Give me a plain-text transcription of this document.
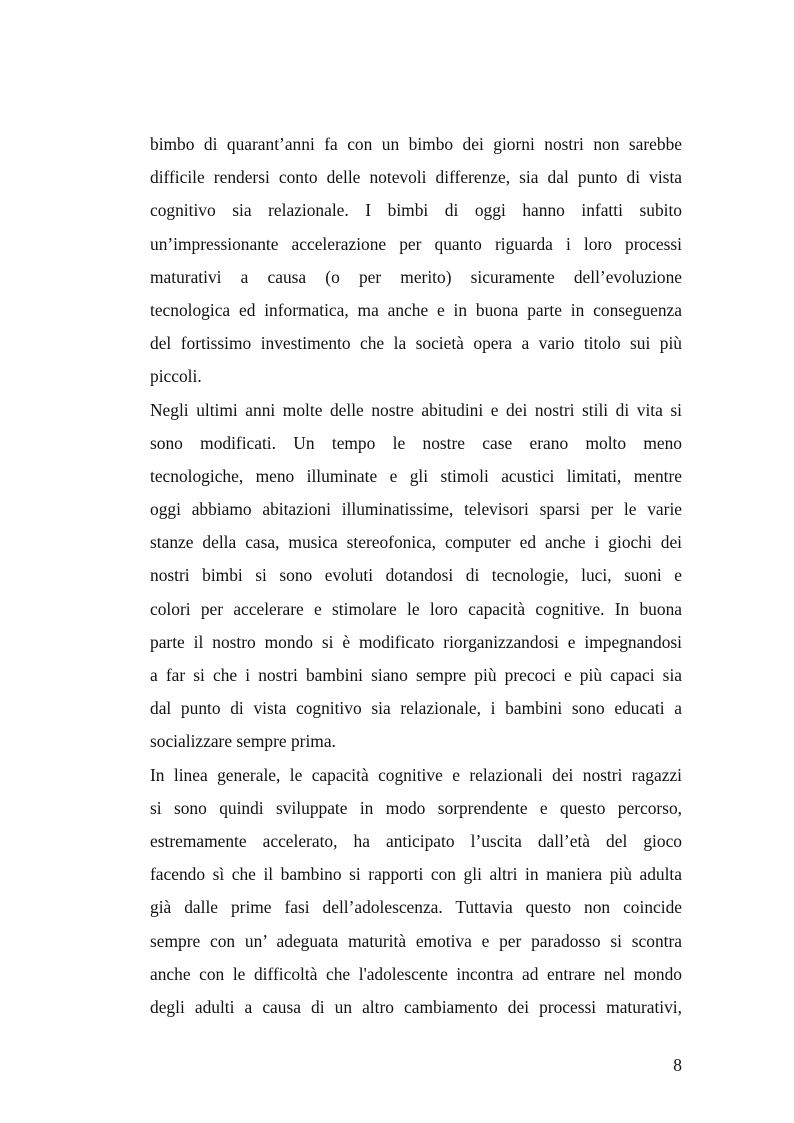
bimbo di quarant’anni fa con un bimbo dei giorni nostri non sarebbe
difficile rendersi conto delle notevoli differenze, sia dal punto di vista
cognitivo sia relazionale. I bimbi di oggi hanno infatti subito
un’impressionante accelerazione per quanto riguarda i loro processi
maturativi a causa (o per merito) sicuramente dell’evoluzione
tecnologica ed informatica, ma anche e in buona parte in conseguenza
del fortissimo investimento che la società opera a vario titolo sui più
piccoli.
Negli ultimi anni molte delle nostre abitudini e dei nostri stili di vita si
sono modificati. Un tempo le nostre case erano molto meno
tecnologiche, meno illuminate e gli stimoli acustici limitati, mentre
oggi abbiamo abitazioni illuminatissime, televisori sparsi per le varie
stanze della casa, musica stereofonica, computer ed anche i giochi dei
nostri bimbi si sono evoluti dotandosi di tecnologie, luci, suoni e
colori per accelerare e stimolare le loro capacità cognitive. In buona
parte il nostro mondo si è modificato riorganizzandosi e impegnandosi
a far si che i nostri bambini siano sempre più precoci e più capaci sia
dal punto di vista cognitivo sia relazionale, i bambini sono educati a
socializzare sempre prima.
In linea generale, le capacità cognitive e relazionali dei nostri ragazzi
si sono quindi sviluppate in modo sorprendente e questo percorso,
estremamente accelerato, ha anticipato l’uscita dall’età del gioco
facendo sì che il bambino si rapporti con gli altri in maniera più adulta
già dalle prime fasi dell’adolescenza. Tuttavia questo non coincide
sempre con un’ adeguata maturità emotiva e per paradosso si scontra
anche con le difficoltà che l'adolescente incontra ad entrare nel mondo
degli adulti a causa di un altro cambiamento dei processi maturativi,
8
